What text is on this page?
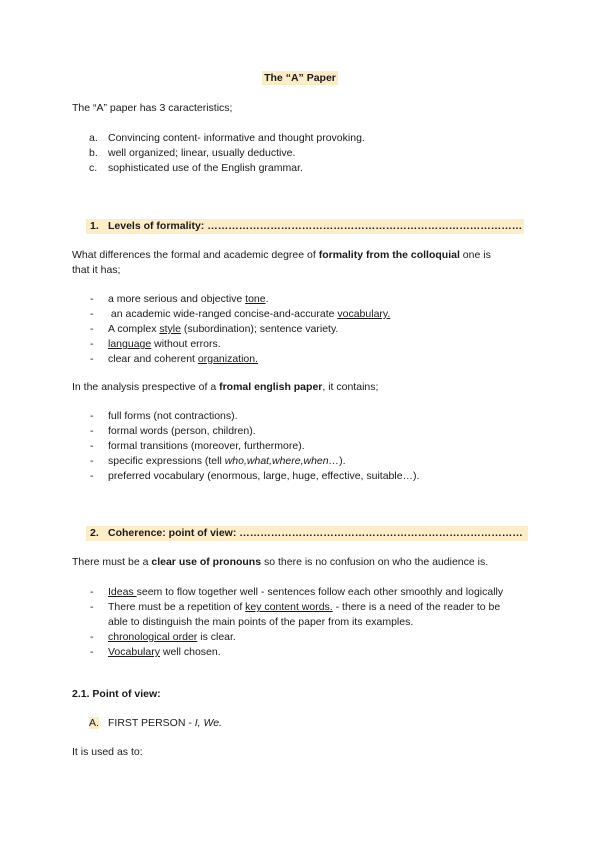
The “A” Paper
The “A” paper has 3 caracteristics;
a. Convincing content- informative and thought provoking.
b. well organized; linear, usually deductive.
c. sophisticated use of the English grammar.
1. Levels of formality: ………………………………………………………………………………
What differences the formal and academic degree of formality from the colloquial one is
that it has;
- a more serious and objective tone.
- an academic wide-ranged concise-and-accurate vocabulary.
- A complex style (subordination); sentence variety.
- language without errors.
- clear and coherent organization.
In the analysis prespective of a fromal english paper, it contains;
- full forms (not contractions).
- formal words (person, children).
- formal transitions (moreover, furthermore).
- specific expressions (tell who,what,where,when…).
- preferred vocabulary (enormous, large, huge, effective, suitable…).
2. Coherence: point of view: ………………………………………………………………………
There must be a clear use of pronouns so there is no confusion on who the audience is.
- Ideas seem to flow together well - sentences follow each other smoothly and logically
- There must be a repetition of key content words. - there is a need of the reader to be
able to distinguish the main points of the paper from its examples.
- chronological order is clear.
- Vocabulary well chosen.
2.1. Point of view:
A. FIRST PERSON - I, We.
It is used as to:
